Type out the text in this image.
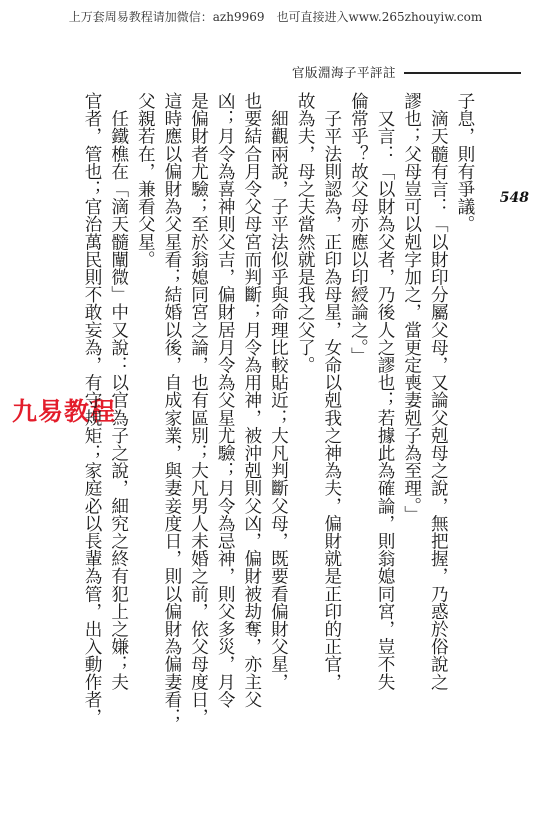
上万套周易教程请加微信：azh9969　也可直接进入www.265zhouyiw.com
官版淵海子平評註
548
九易教程
子息，則有爭議。
　滴天髓有言：「以財印分屬父母，又論父剋母之說，無把握，乃惑於俗說之
謬也；父母豈可以剋字加之，當更定喪妻剋子為至理。」
　又言：「以財為父者，乃後人之謬也；若據此為確論，則翁媳同宮，豈不失
倫常乎？故父母亦應以印綬論之。」
　子平法則認為，正印為母星，女命以剋我之神為夫，偏財就是正印的正官，
故為夫，母之夫當然就是我之父了。
　細觀兩說，子平法似乎與命理比較貼近；大凡判斷父母，既要看偏財父星，
也要結合月令父母宮而判斷；月令為用神，被沖剋則父凶，偏財被劫奪，亦主父
凶；月令為喜神則父吉，偏財居月令為父星尤驗；月令為忌神，則父多災，月令
是偏財者尤驗；至於翁媳同宮之論，也有區別；大凡男人未婚之前，依父母度日，
這時應以偏財為父星看；結婚以後，自成家業，與妻妾度日，則以偏財為偏妻看；
父親若在，兼看父星。
　任鐵樵在「滴天髓闡微」中又說：以官為子之說，細究之終有犯上之嫌；夫
官者，管也；官治萬民則不敢妄為，有守規矩；家庭必以長輩為管，出入動作者，
